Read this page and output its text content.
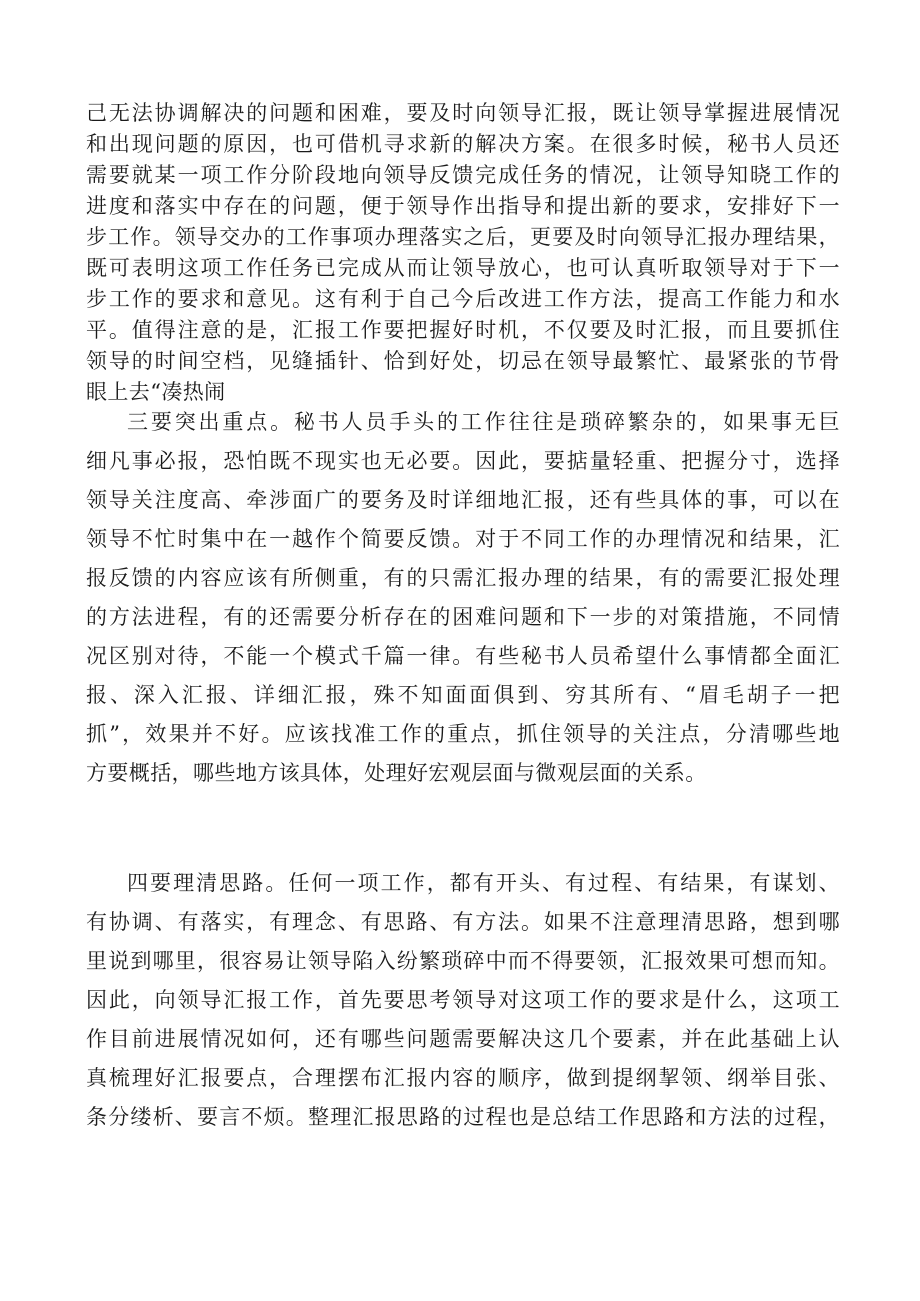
己无法协调解决的问题和困难，要及时向领导汇报，既让领导掌握进展情况
和出现问题的原因，也可借机寻求新的解决方案。在很多时候，秘书人员还
需要就某一项工作分阶段地向领导反馈完成任务的情况，让领导知晓工作的
进度和落实中存在的问题，便于领导作出指导和提出新的要求，安排好下一
步工作。领导交办的工作事项办理落实之后，更要及时向领导汇报办理结果，
既可表明这项工作任务已完成从而让领导放心，也可认真听取领导对于下一
步工作的要求和意见。这有利于自己今后改进工作方法，提高工作能力和水
平。值得注意的是，汇报工作要把握好时机，不仅要及时汇报，而且要抓住
领导的时间空档，见缝插针、恰到好处，切忌在领导最繁忙、最紧张的节骨
眼上去“凑热闹
三要突出重点。秘书人员手头的工作往往是琐碎繁杂的，如果事无巨
细凡事必报，恐怕既不现实也无必要。因此，要掂量轻重、把握分寸，选择
领导关注度高、牵涉面广的要务及时详细地汇报，还有些具体的事，可以在
领导不忙时集中在一越作个简要反馈。对于不同工作的办理情况和结果，汇
报反馈的内容应该有所侧重，有的只需汇报办理的结果，有的需要汇报处理
的方法进程，有的还需要分析存在的困难问题和下一步的对策措施，不同情
况区别对待，不能一个模式千篇一律。有些秘书人员希望什么事情都全面汇
报、深入汇报、详细汇报，殊不知面面俱到、穷其所有、“眉毛胡子一把
抓”，效果并不好。应该找准工作的重点，抓住领导的关注点，分清哪些地
方要概括，哪些地方该具体，处理好宏观层面与微观层面的关系。
四要理清思路。任何一项工作，都有开头、有过程、有结果，有谋划、
有协调、有落实，有理念、有思路、有方法。如果不注意理清思路，想到哪
里说到哪里，很容易让领导陷入纷繁琐碎中而不得要领，汇报效果可想而知。
因此，向领导汇报工作，首先要思考领导对这项工作的要求是什么，这项工
作目前进展情况如何，还有哪些问题需要解决这几个要素，并在此基础上认
真梳理好汇报要点，合理摆布汇报内容的顺序，做到提纲挈领、纲举目张、
条分缕析、要言不烦。整理汇报思路的过程也是总结工作思路和方法的过程，
